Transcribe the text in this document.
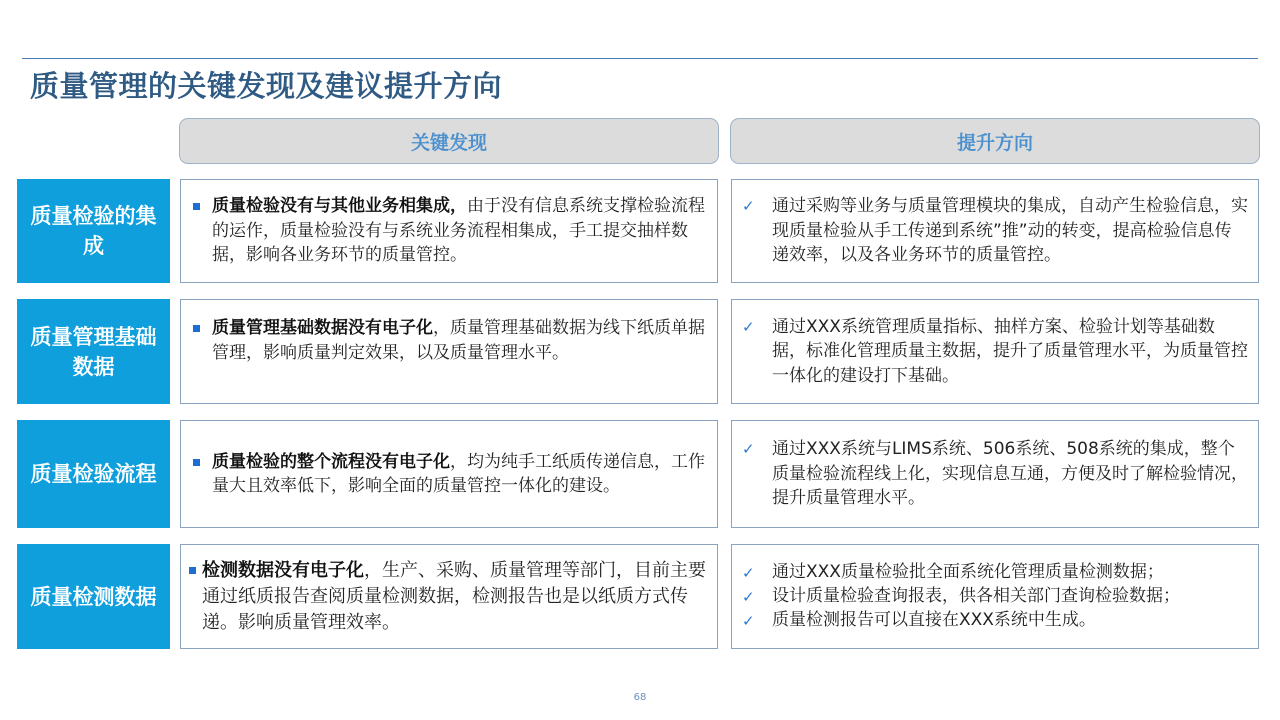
质量管理的关键发现及建议提升方向
关键发现	提升方向
质量检验的集成
质量检验没有与其他业务相集成，由于没有信息系统支撑检验流程的运作，质量检验没有与系统业务流程相集成，手工提交抽样数据，影响各业务环节的质量管控。
✓ 通过采购等业务与质量管理模块的集成，自动产生检验信息，实现质量检验从手工传递到系统”推”动的转变，提高检验信息传递效率，以及各业务环节的质量管控。
质量管理基础数据
质量管理基础数据没有电子化，质量管理基础数据为线下纸质单据管理，影响质量判定效果，以及质量管理水平。
✓ 通过XXX系统管理质量指标、抽样方案、检验计划等基础数据，标准化管理质量主数据，提升了质量管理水平，为质量管控一体化的建设打下基础。
质量检验流程
质量检验的整个流程没有电子化，均为纯手工纸质传递信息，工作量大且效率低下，影响全面的质量管控一体化的建设。
✓ 通过XXX系统与LIMS系统、506系统、508系统的集成，整个质量检验流程线上化，实现信息互通，方便及时了解检验情况，提升质量管理水平。
质量检测数据
检测数据没有电子化，生产、采购、质量管理等部门，目前主要通过纸质报告查阅质量检测数据，检测报告也是以纸质方式传递。影响质量管理效率。
✓ 通过XXX质量检验批全面系统化管理质量检测数据；
✓ 设计质量检验查询报表，供各相关部门查询检验数据；
✓ 质量检测报告可以直接在XXX系统中生成。
68
